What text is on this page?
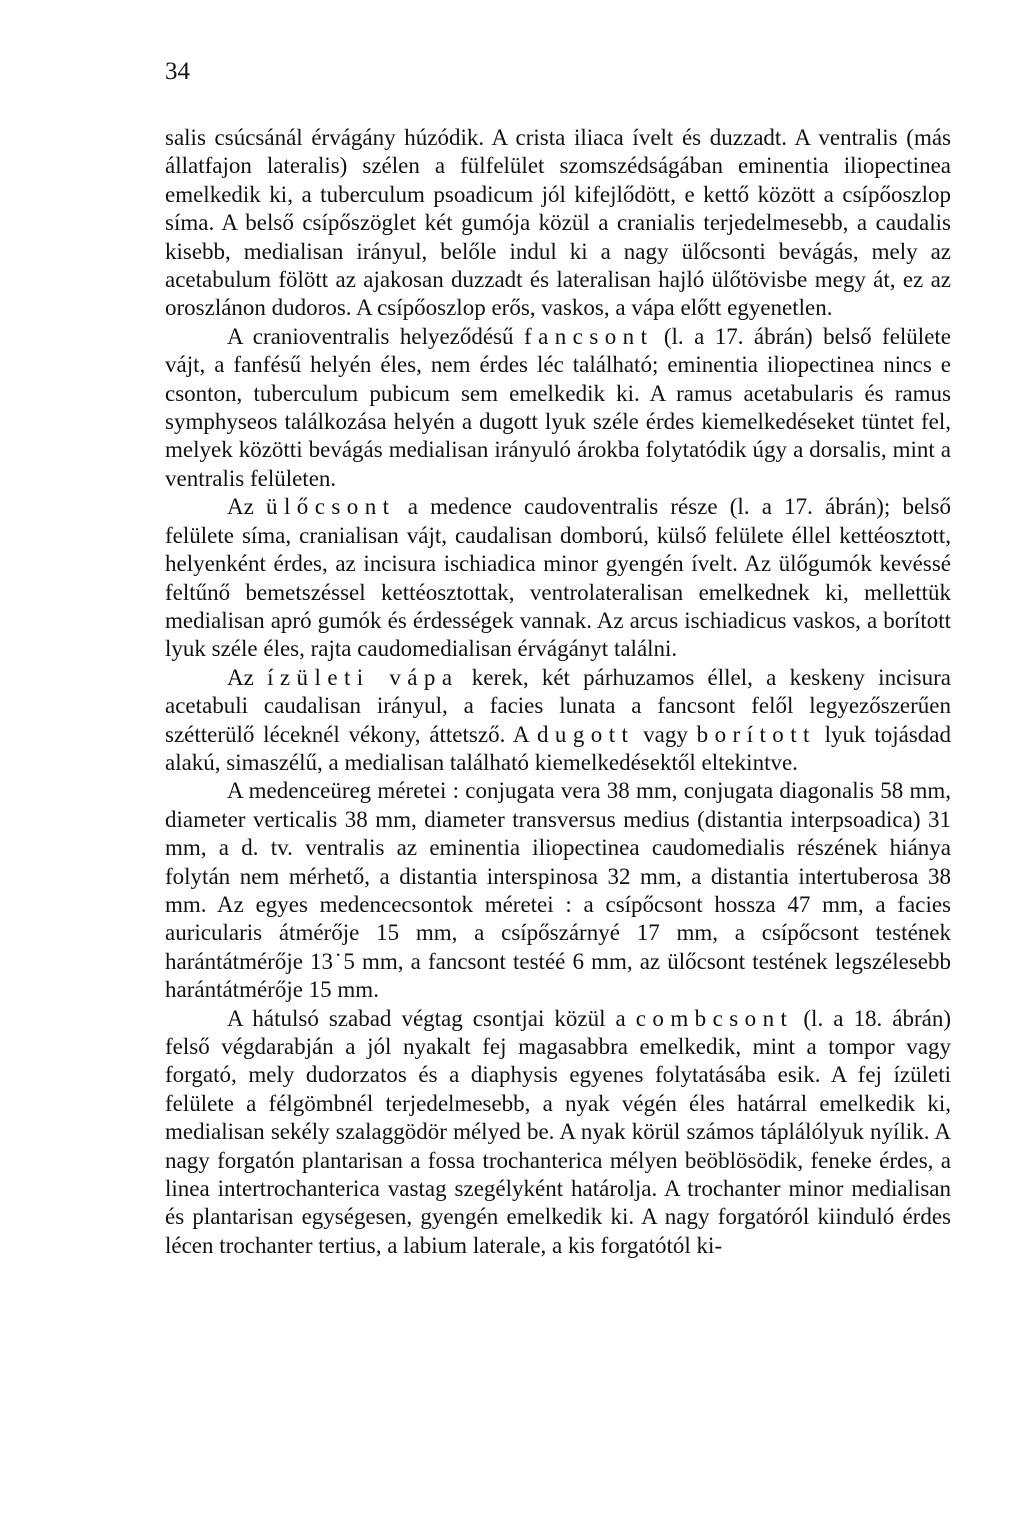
34

salis csúcsánál érvágány húzódik. A crista iliaca ívelt és duzzadt. A ventralis (más állatfajon lateralis) szélen a fülfelület szomszédságában eminentia iliopectinea emelkedik ki, a tuberculum psoadicum jól kifejlődött, e kettő között a csípőoszlop síma. A belső csípőszöglet két gumója közül a cranialis terjedelmesebb, a caudalis kisebb, medialisan irányul, belőle indul ki a nagy ülőcsonti bevágás, mely az acetabulum fölött az ajakosan duzzadt és lateralisan hajló ülőtövisbe megy át, ez az oroszlánon dudoros. A csípőoszlop erős, vaskos, a vápa előtt egyenetlen.

A cranioventralis helyeződésű fancsont (l. a 17. ábrán) belső felülete vájt, a fanfésű helyén éles, nem érdes léc található; eminentia iliopectinea nincs e csonton, tuberculum pubicum sem emelkedik ki. A ramus acetabularis és ramus symphyseos találkozása helyén a dugott lyuk széle érdes kiemelkedéseket tüntet fel, melyek közötti bevágás medialisan irányuló árokba folytatódik úgy a dorsalis, mint a ventralis felületen.

Az ülőcsont a medence caudoventralis része (l. a 17. ábrán); belső felülete síma, cranialisan vájt, caudalisan domború, külső felülete éllel kettéosztott, helyenként érdes, az incisura ischiadica minor gyengén ívelt. Az ülőgumók kevéssé feltűnő bemetszéssel kettéosztottak, ventrolateralisan emelkednek ki, mellettük medialisan apró gumók és érdességek vannak. Az arcus ischiadicus vaskos, a borított lyuk széle éles, rajta caudomedialisan érvágányt találni.

Az ízületi vápa kerek, két párhuzamos éllel, a keskeny incisura acetabuli caudalisan irányul, a facies lunata a fancsont felől legyezőszerűen szétterülő léceknél vékony, áttetsző. A dugott vagy borított lyuk tojásdad alakú, simaszélű, a medialisan található kiemelkedésektől eltekintve.

A medenceüreg méretei : conjugata vera 38 mm, conjugata diagonalis 58 mm, diameter verticalis 38 mm, diameter transversus medius (distantia interpsoadica) 31 mm, a d. tv. ventralis az eminentia iliopectinea caudomedialis részének hiánya folytán nem mérhető, a distantia interspinosa 32 mm, a distantia intertuberosa 38 mm. Az egyes medencecsontok méretei : a csípőcsont hossza 47 mm, a facies auricularis átmérője 15 mm, a csípőszárnyé 17 mm, a csípőcsont testének harántátmérője 13˙5 mm, a fancsont testéé 6 mm, az ülőcsont testének legszélesebb harántátmérője 15 mm.

A hátulsó szabad végtag csontjai közül a combcsont (l. a 18. ábrán) felső végdarabján a jól nyakalt fej magasabbra emelkedik, mint a tompor vagy forgató, mely dudorzatos és a diaphysis egyenes folytatásába esik. A fej ízületi felülete a félgömbnél terjedelmesebb, a nyak végén éles határral emelkedik ki, medialisan sekély szalaggödör mélyed be. A nyak körül számos táplálólyuk nyílik. A nagy forgatón plantarisan a fossa trochanterica mélyen beöblösödik, feneke érdes, a linea intertrochanterica vastag szegélyként határolja. A trochanter minor medialisan és plantarisan egységesen, gyengén emelkedik ki. A nagy forgatóról kiinduló érdes lécen trochanter tertius, a labium laterale, a kis forgatótól ki-
